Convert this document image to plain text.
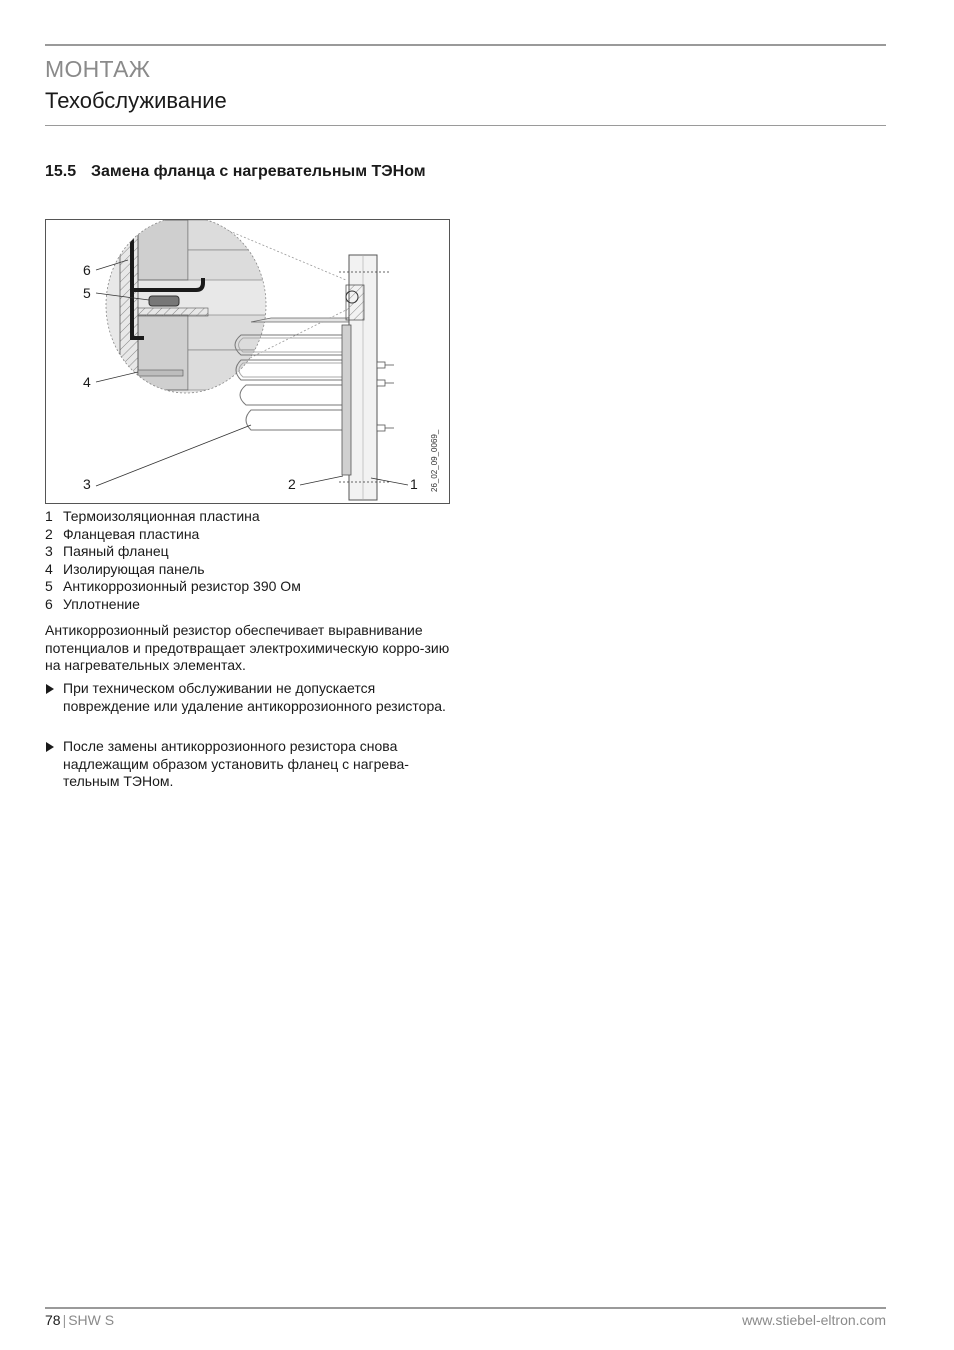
МОНТАЖ
Техобслуживание
15.5 Замена фланца с нагревательным ТЭНом
6
5
4
3	2	1 26_02_09_0069_
1 Термоизоляционная пластина
2 Фланцевая пластина
3 Паяный фланец
4 Изолирующая панель
5 Антикоррозионный резистор 390 Ом
6 Уплотнение

Антикоррозионный резистор обеспечивает выравнивание потенциалов и предотвращает электрохимическую корро-зию на нагревательных элементах.

При техническом обслуживании не допускается повреждение или удаление антикоррозионного резистора.
После замены антикоррозионного резистора снова надлежащим образом установить фланец с нагрева-тельным ТЭНом.
78 | SHW S	www.stiebel-eltron.com
